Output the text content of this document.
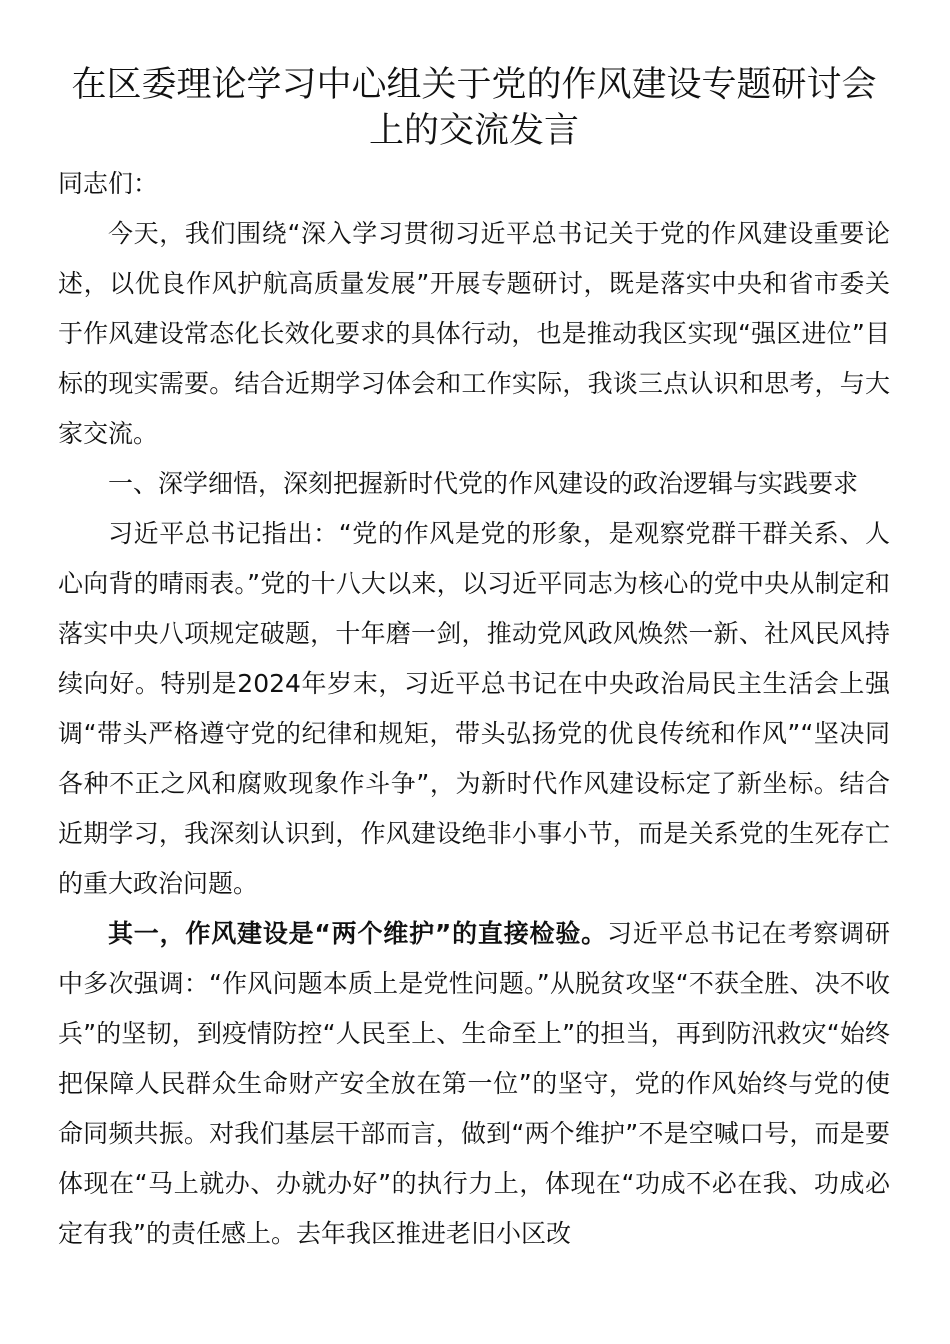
在区委理论学习中心组关于党的作风建设专题研讨会上的交流发言

同志们：

今天，我们围绕“深入学习贯彻习近平总书记关于党的作风建设重要论述，以优良作风护航高质量发展”开展专题研讨，既是落实中央和省市委关于作风建设常态化长效化要求的具体行动，也是推动我区实现“强区进位”目标的现实需要。结合近期学习体会和工作实际，我谈三点认识和思考，与大家交流。

一、深学细悟，深刻把握新时代党的作风建设的政治逻辑与实践要求

习近平总书记指出：“党的作风是党的形象，是观察党群干群关系、人心向背的晴雨表。”党的十八大以来，以习近平同志为核心的党中央从制定和落实中央八项规定破题，十年磨一剑，推动党风政风焕然一新、社风民风持续向好。特别是2024年岁末，习近平总书记在中央政治局民主生活会上强调“带头严格遵守党的纪律和规矩，带头弘扬党的优良传统和作风”“坚决同各种不正之风和腐败现象作斗争”，为新时代作风建设标定了新坐标。结合近期学习，我深刻认识到，作风建设绝非小事小节，而是关系党的生死存亡的重大政治问题。

其一，作风建设是“两个维护”的直接检验。习近平总书记在考察调研中多次强调：“作风问题本质上是党性问题。”从脱贫攻坚“不获全胜、决不收兵”的坚韧，到疫情防控“人民至上、生命至上”的担当，再到防汛救灾“始终把保障人民群众生命财产安全放在第一位”的坚守，党的作风始终与党的使命同频共振。对我们基层干部而言，做到“两个维护”不是空喊口号，而是要体现在“马上就办、办就办好”的执行力上，体现在“功成不必在我、功成必定有我”的责任感上。去年我区推进老旧小区改
